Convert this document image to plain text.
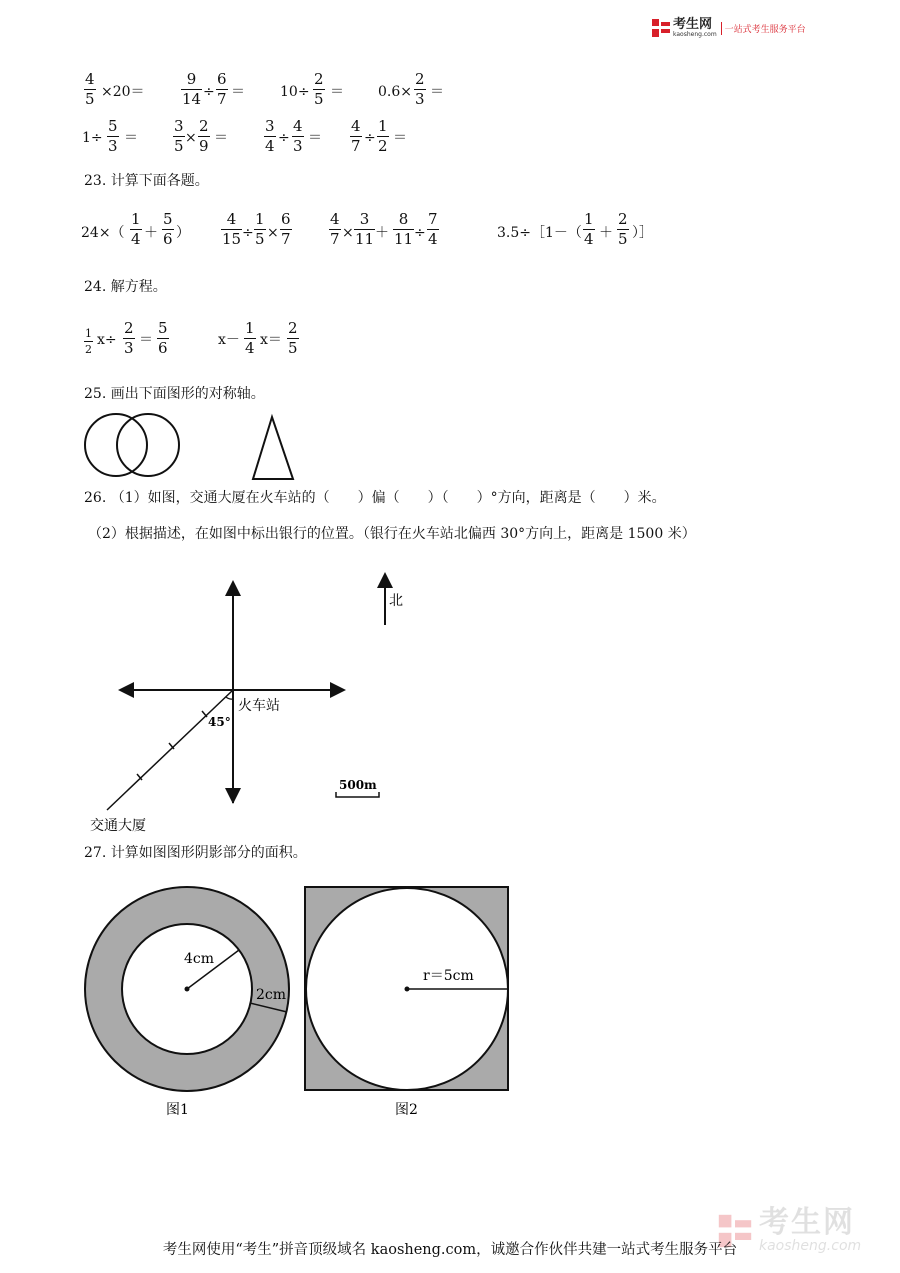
考生网
kaosheng.com 一站式考生服务平台
$\frac{4}{5} \times 20= \frac{9}{14} \div \frac{6}{7}$ ＝	$10\div \frac{2}{5} = 0.6\times \frac{2}{3}$ ＝
$1\div \frac{5}{3} = \frac{3}{5} \times \frac{2}{9} = \frac{3}{4} \div \frac{4}{3} = \frac{4}{7} \div \frac{1}{2}$ ＝
23. 计算下面各题。
$24\times( \frac{1}{4} + \frac{5}{6}$ ） $\frac{4}{15} \div \frac{1}{5} \times \frac{6}{7} \frac{4}{7} \times \frac{3}{11} + \frac{8}{11} \div \frac{7}{4}$	3.5÷［1－（ $\frac{1}{4} + \frac{2}{5}$ ）］
24. 解方程。
$\frac{1}{2} x\div \frac{2}{3} = \frac{5}{6}$	$x- \frac{1}{4} x= \frac{2}{5}$
25. 画出下面图形的对称轴。
26. （1）如图，交通大厦在火车站的（　　）偏（　　）（　　）°方向，距离是（　　）米。
（2）根据描述，在如图中标出银行的位置。（银行在火车站北偏西 30°方向上，距离是 1500 米）
45°
火车站
交通大厦
北
500m
27. 计算如图图形阴影部分的面积。
4cm
2cm
图1
r＝5cm
图2
考生网
kaosheng.com
考生网使用“考生”拼音顶级域名 kaosheng.com，诚邀合作伙伴共建一站式考生服务平台
